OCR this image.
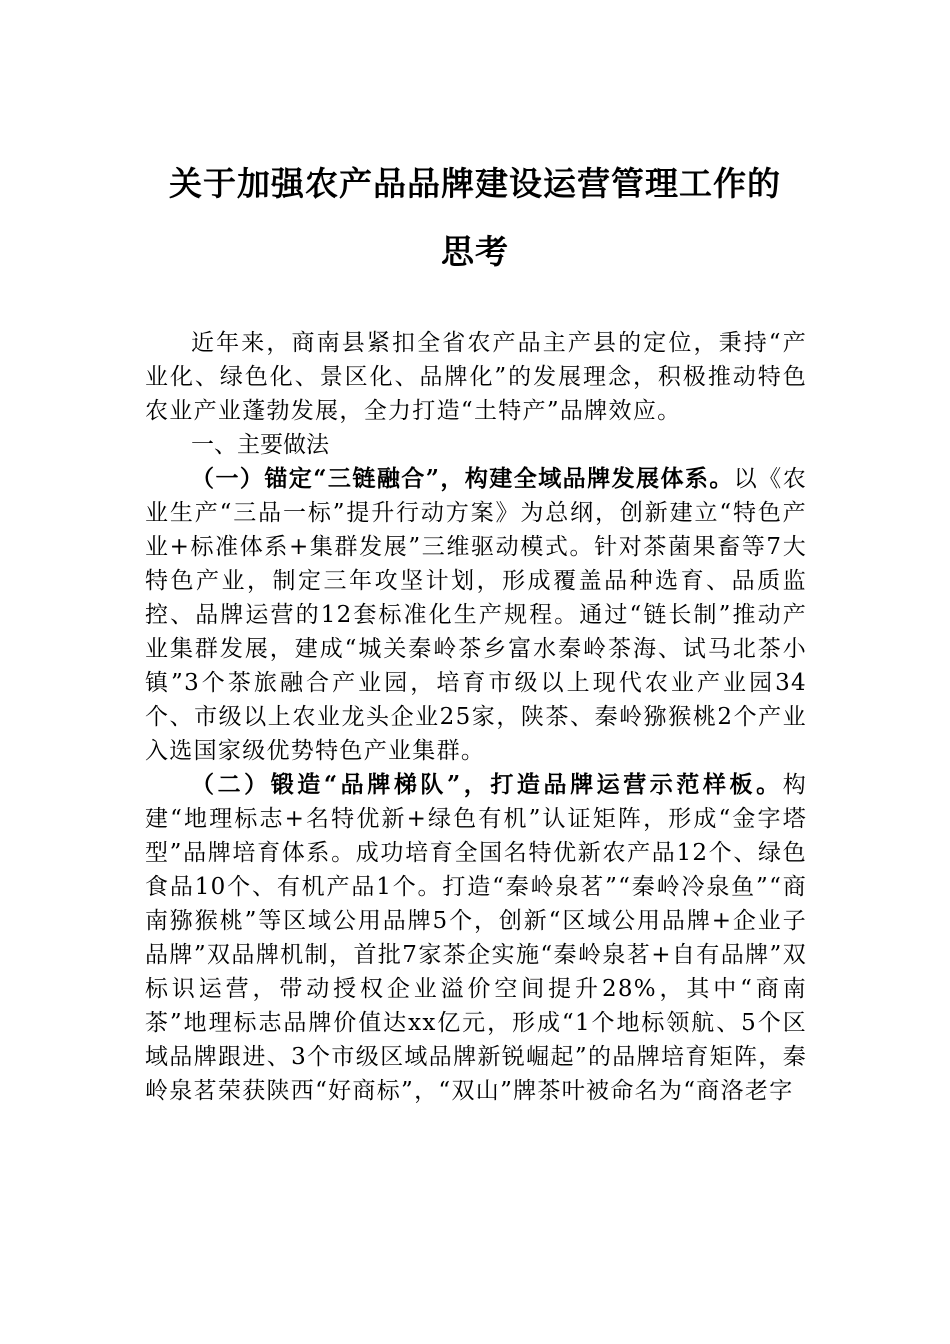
关于加强农产品品牌建设运营管理工作的
思考

近年来，商南县紧扣全省农产品主产县的定位，秉持“产业化、绿色化、景区化、品牌化”的发展理念，积极推动特色农业产业蓬勃发展，全力打造“土特产”品牌效应。

一、主要做法

（一）锚定“三链融合”，构建全域品牌发展体系。以《农业生产“三品一标”提升行动方案》为总纲，创新建立“特色产业+标准体系+集群发展”三维驱动模式。针对茶菌果畜等7大特色产业，制定三年攻坚计划，形成覆盖品种选育、品质监控、品牌运营的12套标准化生产规程。通过“链长制”推动产业集群发展，建成“城关秦岭茶乡富水秦岭茶海、试马北茶小镇”3个茶旅融合产业园，培育市级以上现代农业产业园34个、市级以上农业龙头企业25家，陕茶、秦岭猕猴桃2个产业入选国家级优势特色产业集群。

（二）锻造“品牌梯队”，打造品牌运营示范样板。构建“地理标志+名特优新+绿色有机”认证矩阵，形成“金字塔型”品牌培育体系。成功培育全国名特优新农产品12个、绿色食品10个、有机产品1个。打造“秦岭泉茗”“秦岭冷泉鱼”“商南猕猴桃”等区域公用品牌5个，创新“区域公用品牌+企业子品牌”双品牌机制，首批7家茶企实施“秦岭泉茗+自有品牌”双标识运营，带动授权企业溢价空间提升28%，其中“商南茶”地理标志品牌价值达xx亿元，形成“1个地标领航、5个区域品牌跟进、3个市级区域品牌新锐崛起”的品牌培育矩阵，秦岭泉茗荣获陕西“好商标”，“双山”牌茶叶被命名为“商洛老字
